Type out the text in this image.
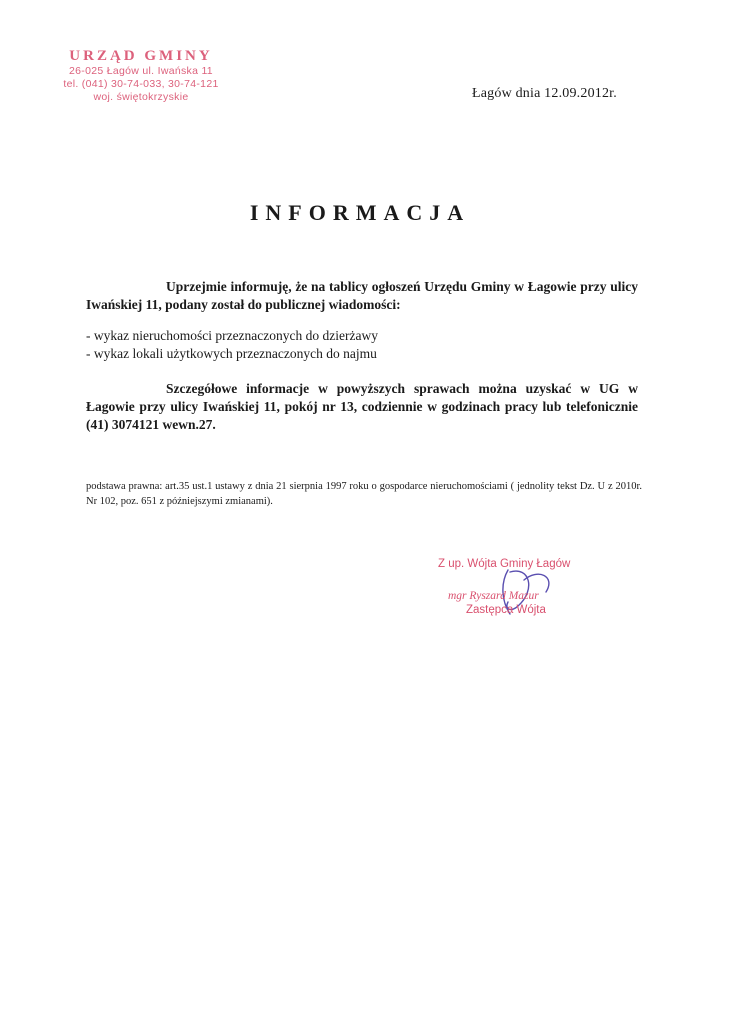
URZĄD GMINY
26-025 Łagów ul. Iwańska 11
tel. (041) 30-74-033, 30-74-121
woj. świętokrzyskie	Łagów dnia 12.09.2012r.
INFORMACJA
Uprzejmie informuję, że na tablicy ogłoszeń Urzędu Gminy w Łagowie przy ulicy Iwańskiej 11, podany został do publicznej wiadomości:
- wykaz nieruchomości przeznaczonych do dzierżawy
- wykaz lokali użytkowych przeznaczonych do najmu
Szczegółowe informacje w powyższych sprawach można uzyskać w UG w Łagowie przy ulicy Iwańskiej 11, pokój nr 13, codziennie w godzinach pracy lub telefonicznie (41) 3074121 wewn.27.
podstawa prawna: art.35 ust.1 ustawy z dnia 21 sierpnia 1997 roku o gospodarce nieruchomościami ( jednolity tekst Dz. U z 2010r. Nr 102, poz. 651 z późniejszymi zmianami).
Z up. Wójta Gminy Łagów
mgr Ryszard Mazur
Zastępca Wójta
